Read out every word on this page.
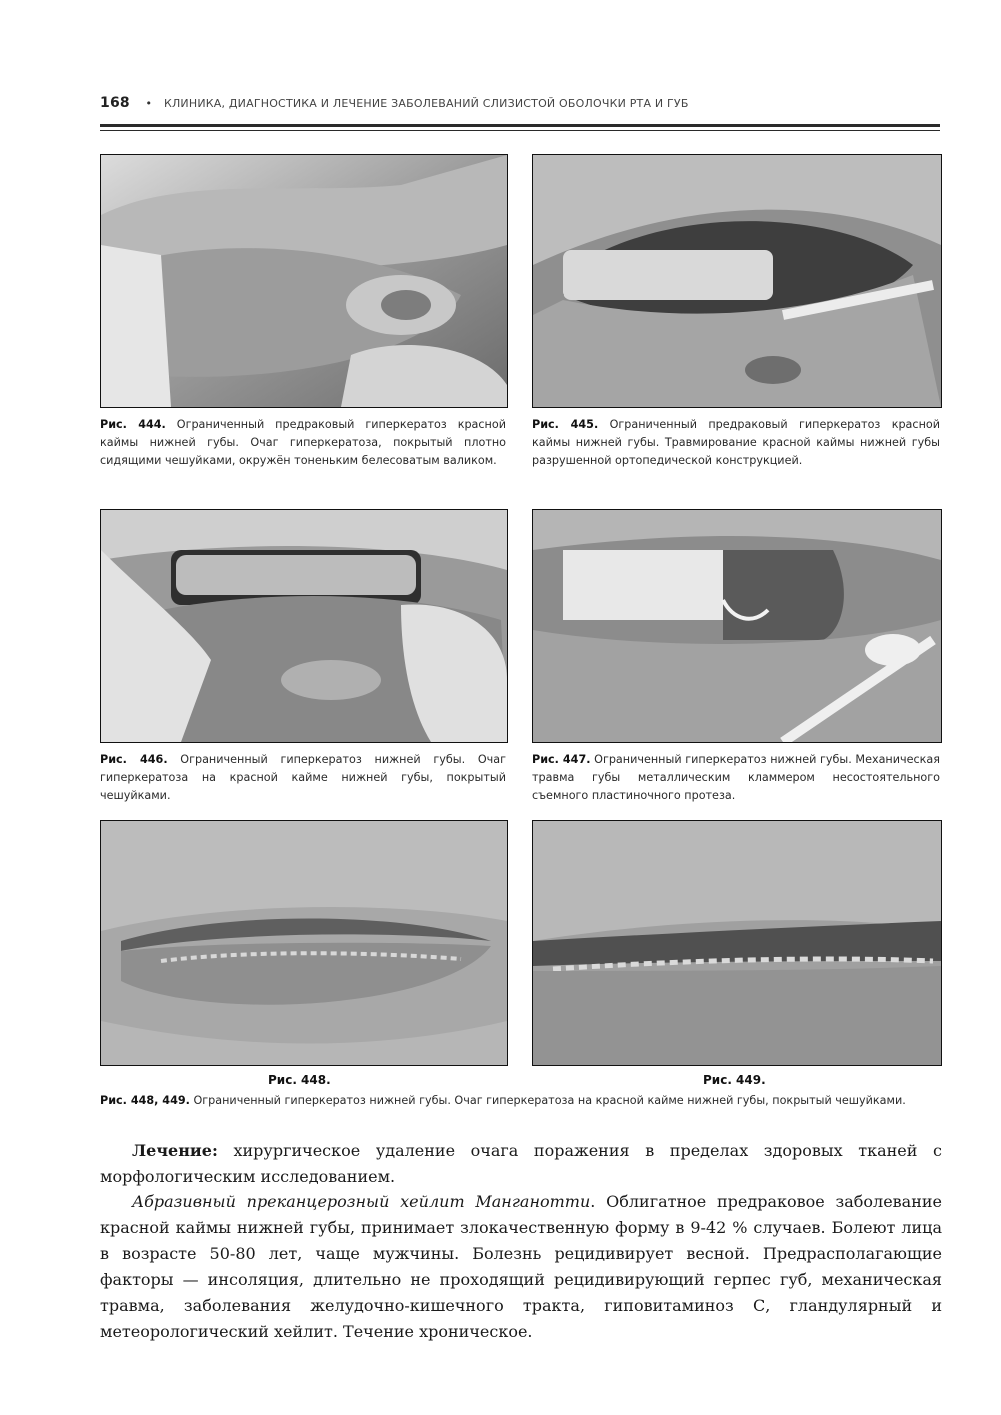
168 • КЛИНИКА, ДИАГНОСТИКА И ЛЕЧЕНИЕ ЗАБОЛЕВАНИЙ СЛИЗИСТОЙ ОБОЛОЧКИ РТА И ГУБ
Рис. 444. Ограниченный предраковый гиперкератоз красной каймы нижней губы. Очаг гиперкератоза, покрытый плотно сидящими чешуйками, окружён тоненьким белесоватым валиком.
Рис. 445. Ограниченный предраковый гиперкератоз красной каймы нижней губы. Травмирование красной каймы нижней губы разрушенной ортопедической конструкцией.
Рис. 446. Ограниченный гиперкератоз нижней губы. Очаг гиперкератоза на красной кайме нижней губы, покрытый чешуйками.
Рис. 447. Ограниченный гиперкератоз нижней губы. Механическая травма губы металлическим кламмером несостоятельного съемного пластиночного протеза.
Рис. 448.	Рис. 449.
Рис. 448, 449. Ограниченный гиперкератоз нижней губы. Очаг гиперкератоза на красной кайме нижней губы, покрытый чешуйками.
Лечение: хирургическое удаление очага поражения в пределах здоровых тканей с морфологическим исследованием.
Абразивный преканцерозный хейлит Манганотти. Облигатное предраковое заболевание красной каймы нижней губы, принимает злокачественную форму в 9-42 % случаев. Болеют лица в возрасте 50-80 лет, чаще мужчины. Болезнь рецидивирует весной. Предрасполагающие факторы — инсоляция, длительно не проходящий рецидивирующий герпес губ, механическая травма, заболевания желудочно-кишечного тракта, гиповитаминоз С, гландулярный и метеорологический хейлит. Течение хроническое.
